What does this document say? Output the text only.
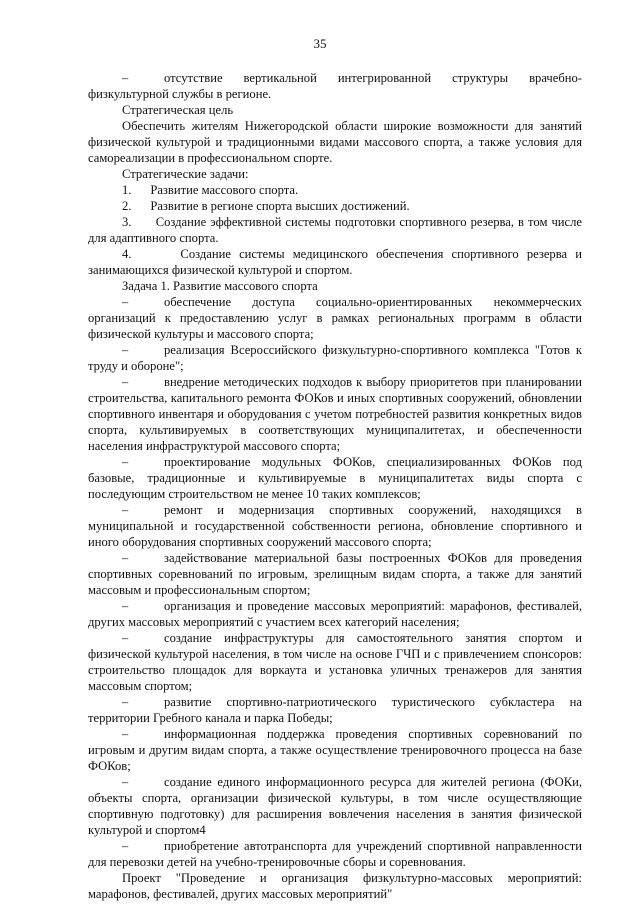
35

–	отсутствие вертикальной интегрированной структуры врачебно-физкультурной службы в регионе.

Стратегическая цель

Обеспечить жителям Нижегородской области широкие возможности для занятий физической культурой и традиционными видами массового спорта, а также условия для самореализации в профессиональном спорте.

Стратегические задачи:

1.      Развитие массового спорта.

2.      Развитие в регионе спорта высших достижений.

3.      Создание эффективной системы подготовки спортивного резерва, в том числе для адаптивного спорта.

4.      Создание системы медицинского обеспечения спортивного резерва и занимающихся физической культурой и спортом.

Задача 1. Развитие массового спорта

–	обеспечение доступа социально-ориентированных некоммерческих организаций к предоставлению услуг в рамках региональных программ в области физической культуры и массового спорта;

–	реализация Всероссийского физкультурно-спортивного комплекса "Готов к труду и обороне";

–	внедрение методических подходов к выбору приоритетов при планировании строительства, капитального ремонта ФОКов и иных спортивных сооружений, обновлении спортивного инвентаря и оборудования с учетом потребностей развития конкретных видов спорта, культивируемых в соответствующих муниципалитетах, и обеспеченности населения инфраструктурой массового спорта;

–	проектирование модульных ФОКов, специализированных ФОКов под базовые, традиционные и культивируемые в муниципалитетах виды спорта с последующим строительством не менее 10 таких комплексов;

–	ремонт и модернизация спортивных сооружений, находящихся в муниципальной и государственной собственности региона, обновление спортивного и иного оборудования спортивных сооружений массового спорта;

–	задействование материальной базы построенных ФОКов для проведения спортивных соревнований по игровым, зрелищным видам спорта, а также для занятий массовым и профессиональным спортом;

–	организация и проведение массовых мероприятий: марафонов, фестивалей, других массовых мероприятий с участием всех категорий населения;

–	создание инфраструктуры для самостоятельного занятия спортом и физической культурой населения, в том числе на основе ГЧП и с привлечением спонсоров: строительство площадок для воркаута и установка уличных тренажеров для занятия массовым спортом;

–	развитие спортивно-патриотического туристического субкластера на территории Гребного канала и парка Победы;

–	информационная поддержка проведения спортивных соревнований по игровым и другим видам спорта, а также осуществление тренировочного процесса на базе ФОКов;

–	создание единого информационного ресурса для жителей региона (ФОКи, объекты спорта, организации физической культуры, в том числе осуществляющие спортивную подготовку) для расширения вовлечения населения в занятия физической культурой и спортом4

–	приобретение автотранспорта для учреждений спортивной направленности для перевозки детей на учебно-тренировочные сборы и соревнования.

Проект "Проведение и организация физкультурно-массовых мероприятий: марафонов, фестивалей, других массовых мероприятий"
